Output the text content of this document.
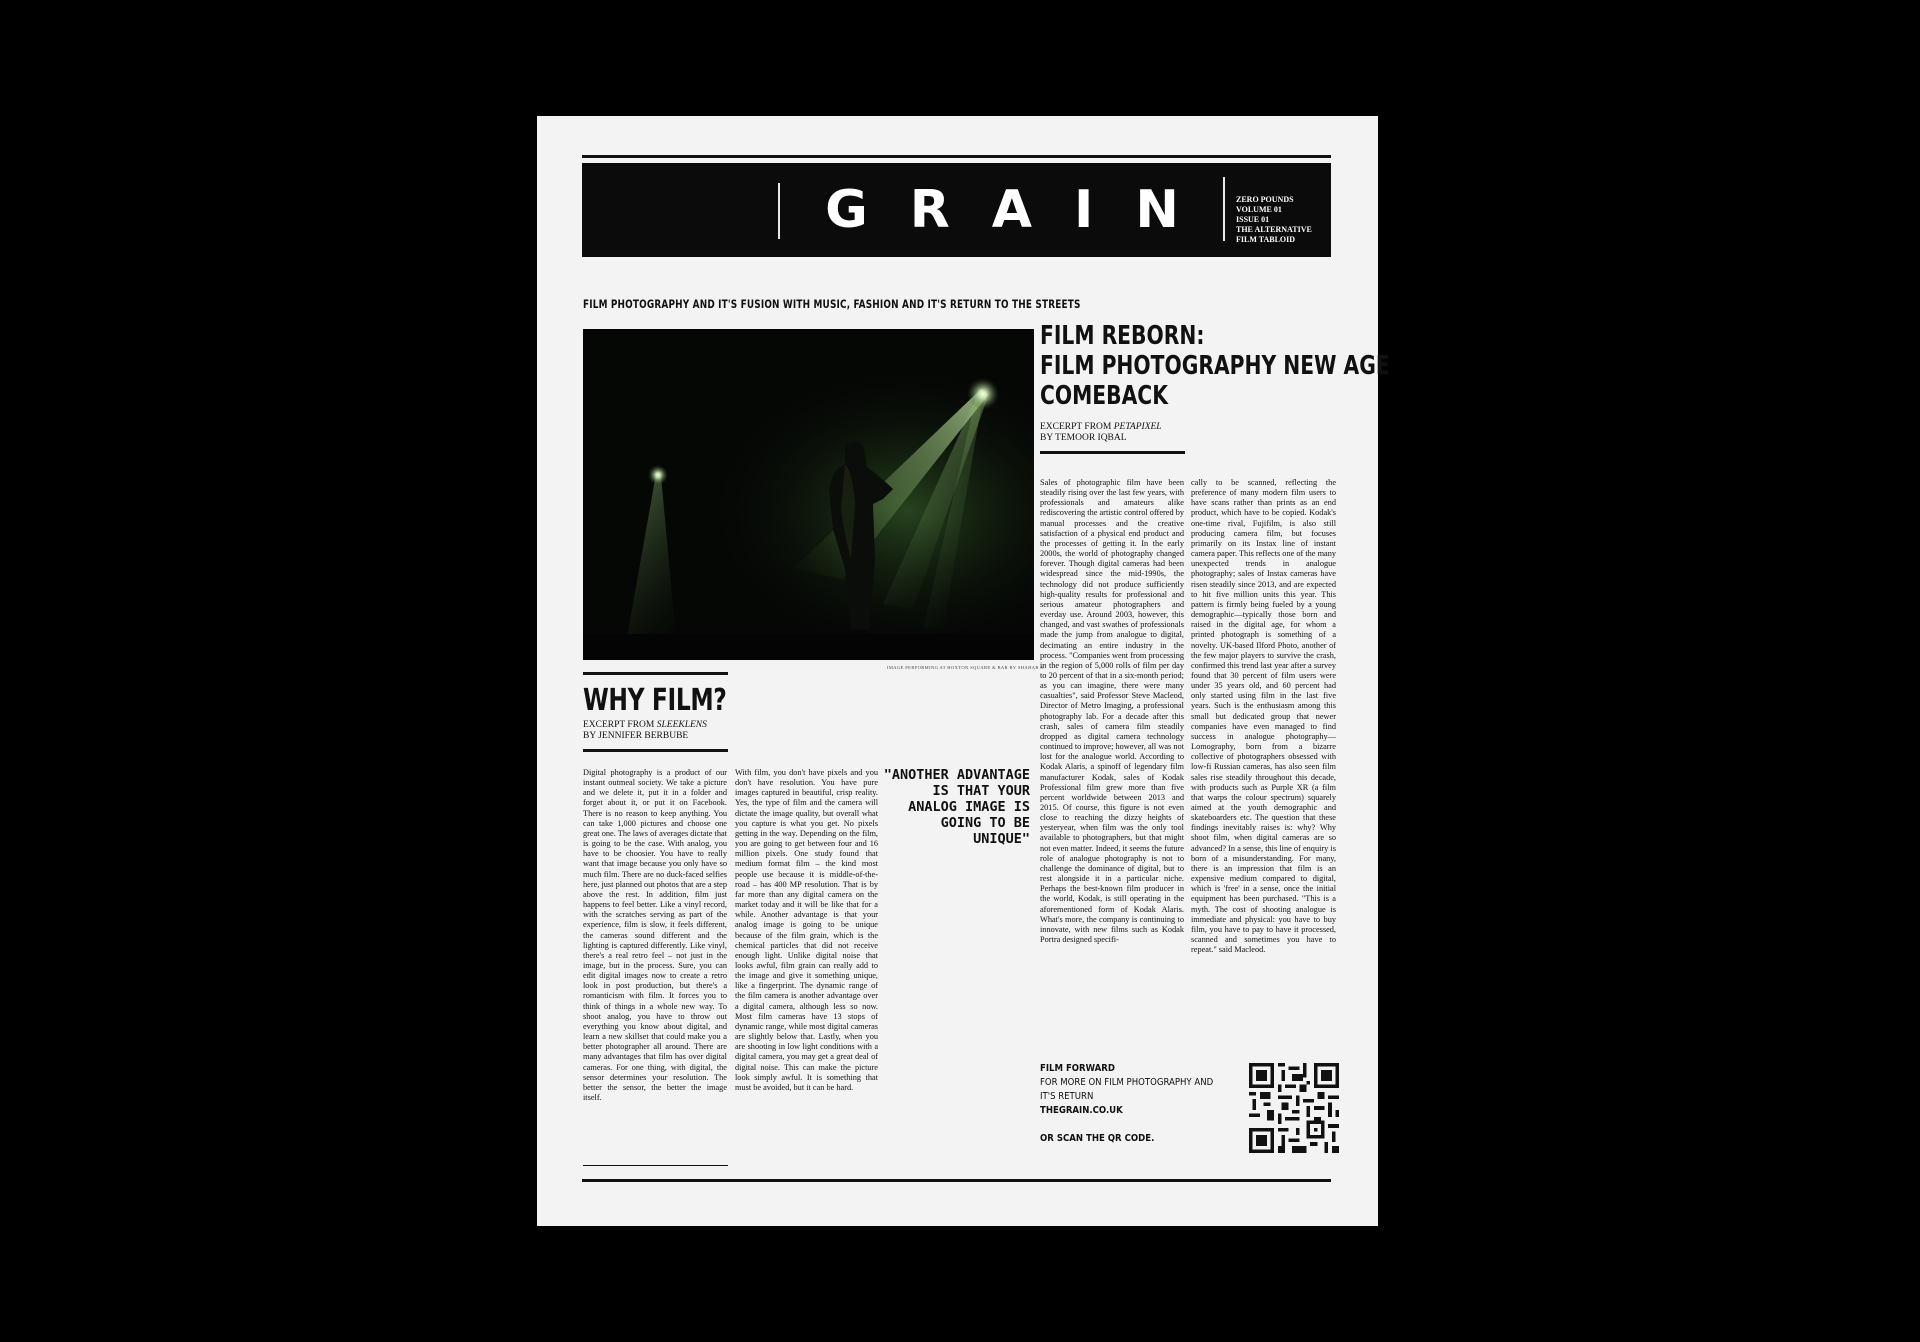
GRAIN ZERO POUNDS
VOLUME 01
ISSUE 01
THE ALTERNATIVE
FILM TABLOID
FILM PHOTOGRAPHY AND IT'S FUSION WITH MUSIC, FASHION AND IT'S RETURN TO THE STREETS
IMAGE PERFORMING AT HOXTON SQUARE & BAR BY SHAHAB S.
FILM REBORN:
FILM PHOTOGRAPHY NEW AGE
COMEBACK
EXCERPT FROM PETAPIXEL
BY TEMOOR IQBAL

Sales of photographic film have been steadily rising over the last few years, with professionals and amateurs alike rediscovering the artistic control offered by manual processes and the creative satisfaction of a physical end product and the processes of getting it. In the early 2000s, the world of photography changed forever. Though digital cameras had been widespread since the mid-1990s, the technology did not produce sufficiently high-quality results for professional and serious amateur photographers and everday use. Around 2003, however, this changed, and vast swathes of professionals made the jump from analogue to digital, decimating an entire industry in the process. "Companies went from processing in the region of 5,000 rolls of film per day to 20 percent of that in a six-month period; as you can imagine, there were many casualties", said Professor Steve Macleod, Director of Metro Imaging, a professional photography lab. For a decade after this crash, sales of camera film steadily dropped as digital camera technology continued to improve; however, all was not lost for the analogue world. According to Kodak Alaris, a spinoff of legendary film manufacturer Kodak, sales of Kodak Professional film grew more than five percent worldwide between 2013 and 2015. Of course, this figure is not even close to reaching the dizzy heights of yesteryear, when film was the only tool available to photographers, but that might not even matter. Indeed, it seems the future role of analogue photography is not to challenge the dominance of digital, but to rest alongside it in a particular niche. Perhaps the best-known film producer in the world, Kodak, is still operating in the aforementioned form of Kodak Alaris. What's more, the company is continuing to innovate, with new films such as Kodak Portra designed specifi-

cally to be scanned, reflecting the preference of many modern film users to have scans rather than prints as an end product, which have to be copied. Kodak's one-time rival, Fujifilm, is also still producing camera film, but focuses primarily on its Instax line of instant camera paper. This reflects one of the many unexpected trends in analogue photography; sales of Instax cameras have risen steadily since 2013, and are expected to hit five million units this year. This pattern is firmly being fueled by a young demographic—typically those born and raised in the digital age, for whom a printed photograph is something of a novelty. UK-based Ilford Photo, another of the few major players to survive the crash, confirmed this trend last year after a survey found that 30 percent of film users were under 35 years old, and 60 percent had only started using film in the last five years. Such is the enthusiasm among this small but dedicated group that newer companies have even managed to find success in analogue photography—Lomography, born from a bizarre collective of photographers obsessed with low-fi Russian cameras, has also seen film sales rise steadily throughout this decade, with products such as Purple XR (a film that warps the colour spectrum) squarely aimed at the youth demographic and skateboarders etc. The question that these findings inevitably raises is: why? Why shoot film, when digital cameras are so advanced? In a sense, this line of enquiry is born of a misunderstanding. For many, there is an impression that film is an expensive medium compared to digital, which is 'free' in a sense, once the initial equipment has been purchased. "This is a myth. The cost of shooting analogue is immediate and physical: you have to buy film, you have to pay to have it processed, scanned and sometimes you have to repeat." said Macleod.

WHY FILM?
EXCERPT FROM SLEEKLENS
BY JENNIFER BERBUBE

Digital photography is a product of our instant outmeal society. We take a picture and we delete it, put it in a folder and forget about it, or put it on Facebook. There is no reason to keep anything. You can take 1,000 pictures and choose one great one. The laws of averages dictate that is going to be the case. With analog, you have to be choosier. You have to really want that image because you only have so much film. There are no duck-faced selfies here, just planned out photos that are a step above the rest. In addition, film just happens to feel better. Like a vinyl record, with the scratches serving as part of the experience, film is slow, it feels different, the cameras sound different and the lighting is captured differently. Like vinyl, there's a real retro feel – not just in the image, but in the process. Sure, you can edit digital images now to create a retro look in post production, but there's a romanticism with film. It forces you to think of things in a whole new way. To shoot analog, you have to throw out everything you know about digital, and learn a new skillset that could make you a better photographer all around. There are many advantages that film has over digital cameras. For one thing, with digital, the sensor determines your resolution. The better the sensor, the better the image itself.

With film, you don't have pixels and you don't have resolution. You have pure images captured in beautiful, crisp reality. Yes, the type of film and the camera will dictate the image quality, but overall what you capture is what you get. No pixels getting in the way. Depending on the film, you are going to get between four and 16 million pixels. One study found that medium format film – the kind most people use because it is middle-of-the-road – has 400 MP resolution. That is by far more than any digital camera on the market today and it will be like that for a while. Another advantage is that your analog image is going to be unique because of the film grain, which is the chemical particles that did not receive enough light. Unlike digital noise that looks awful, film grain can really add to the image and give it something unique, like a fingerprint. The dynamic range of the film camera is another advantage over a digital camera, although less so now. Most film cameras have 13 stops of dynamic range, while most digital cameras are slightly below that. Lastly, when you are shooting in low light conditions with a digital camera, you may get a great deal of digital noise. This can make the picture look simply awful. It is something that must be avoided, but it can be hard.

"ANOTHER ADVANTAGE IS THAT YOUR ANALOG IMAGE IS GOING TO BE UNIQUE"
FILM FORWARD
FOR MORE ON FILM PHOTOGRAPHY AND
IT'S RETURN
THEGRAIN.CO.UK
OR SCAN THE QR CODE.
